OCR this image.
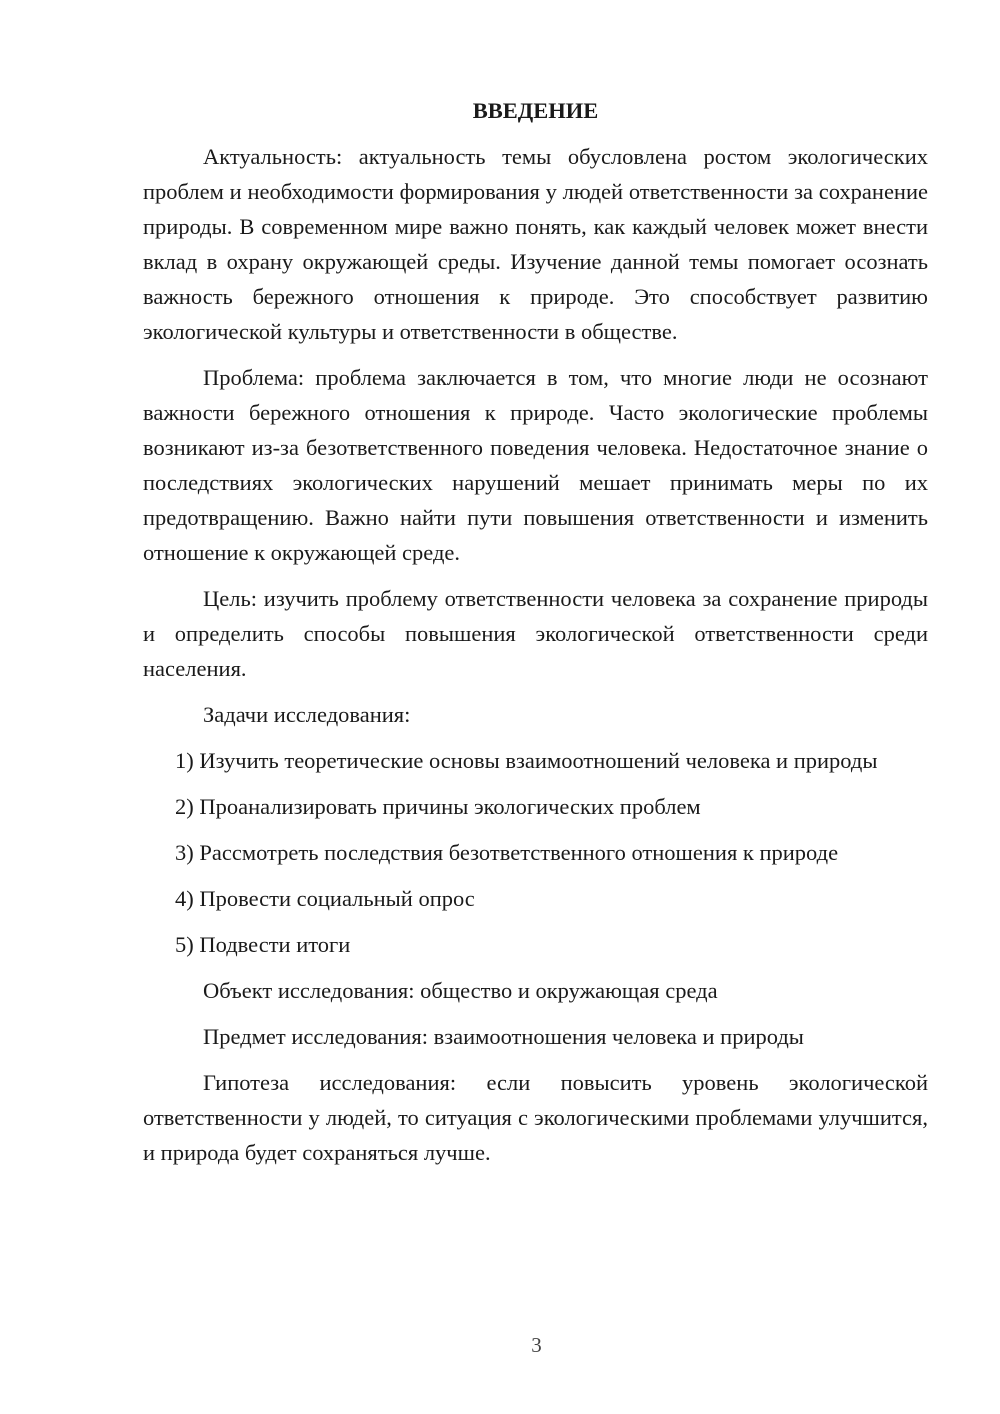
ВВЕДЕНИЕ

Актуальность: актуальность темы обусловлена ростом экологических проблем и необходимости формирования у людей ответственности за сохранение природы. В современном мире важно понять, как каждый человек может внести вклад в охрану окружающей среды. Изучение данной темы помогает осознать важность бережного отношения к природе. Это способствует развитию экологической культуры и ответственности в обществе.

Проблема: проблема заключается в том, что многие люди не осознают важности бережного отношения к природе. Часто экологические проблемы возникают из-за безответственного поведения человека. Недостаточное знание о последствиях экологических нарушений мешает принимать меры по их предотвращению. Важно найти пути повышения ответственности и изменить отношение к окружающей среде.

Цель: изучить проблему ответственности человека за сохранение природы и определить способы повышения экологической ответственности среди населения.

Задачи исследования:

1) Изучить теоретические основы взаимоотношений человека и природы

2) Проанализировать причины экологических проблем

3) Рассмотреть последствия безответственного отношения к природе

4) Провести социальный опрос

5) Подвести итоги

Объект исследования: общество и окружающая среда

Предмет исследования: взаимоотношения человека и природы

Гипотеза исследования: если повысить уровень экологической ответственности у людей, то ситуация с экологическими проблемами улучшится, и природа будет сохраняться лучше.

3
